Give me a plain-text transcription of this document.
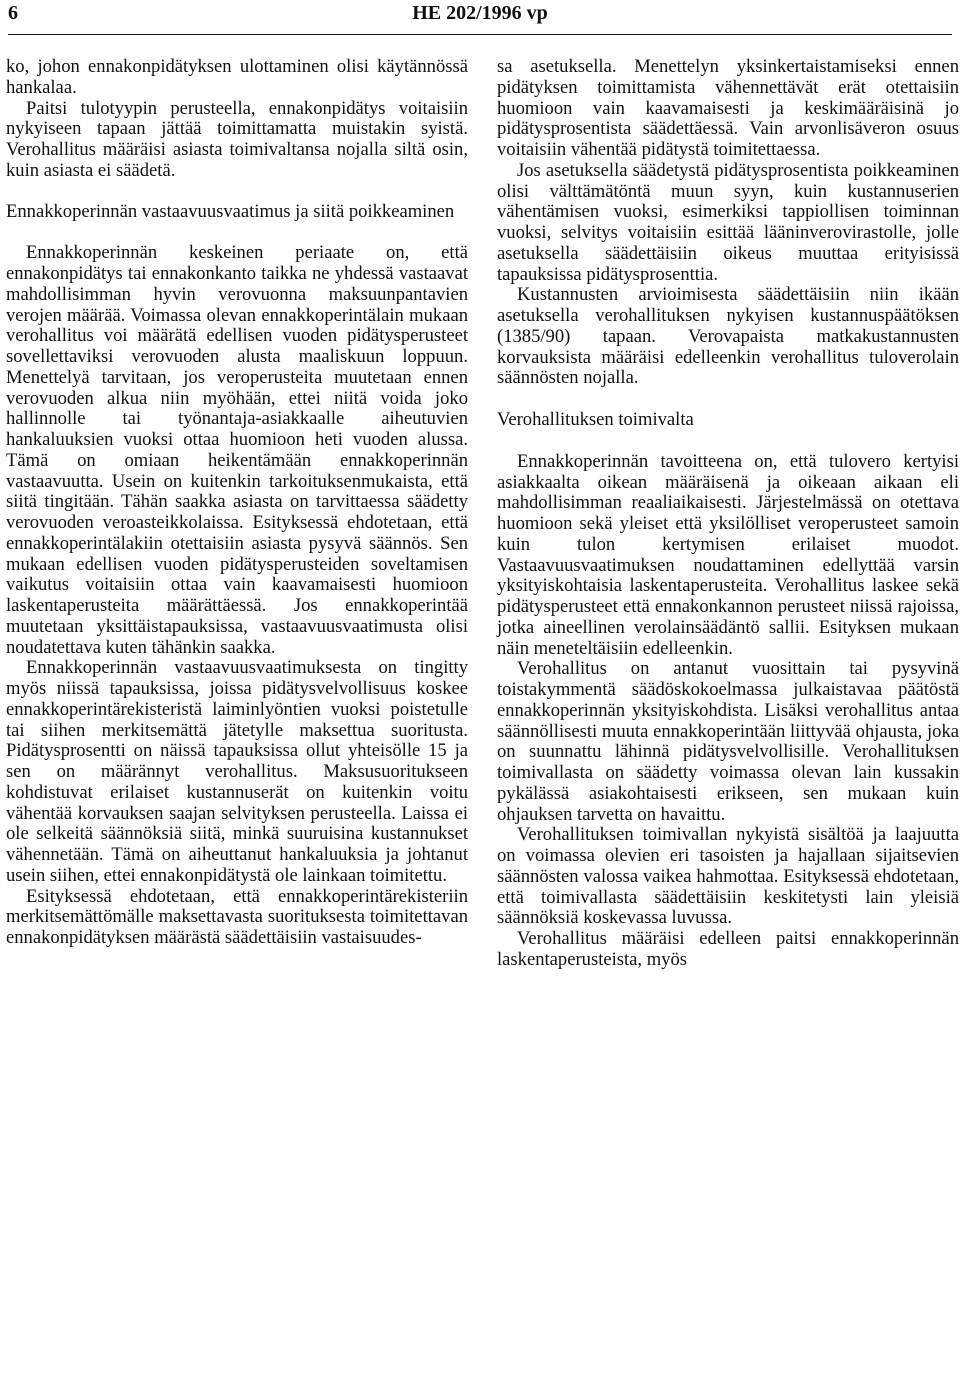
6	HE 202/1996 vp

ko, johon ennakonpidätyksen ulottaminen olisi käytännössä hankalaa.

Paitsi tulotyypin perusteella, ennakonpidätys voitaisiin nykyiseen tapaan jättää toimittamatta muistakin syistä. Verohallitus määräisi asiasta toimivaltansa nojalla siltä osin, kuin asiasta ei säädetä.

Ennakkoperinnän vastaavuusvaatimus ja siitä poikkeaminen

Ennakkoperinnän keskeinen periaate on, että ennakonpidätys tai ennakonkanto taikka ne yhdessä vastaavat mahdollisimman hyvin verovuonna maksuunpantavien verojen määrää. Voimassa olevan ennakkoperintälain mukaan verohallitus voi määrätä edellisen vuoden pidätysperusteet sovellettaviksi verovuoden alusta maaliskuun loppuun. Menettelyä tarvitaan, jos veroperusteita muutetaan ennen verovuoden alkua niin myöhään, ettei niitä voida joko hallinnolle tai työnantaja-asiakkaalle aiheutuvien hankaluuksien vuoksi ottaa huomioon heti vuoden alussa. Tämä on omiaan heikentämään ennakkoperinnän vastaavuutta. Usein on kuitenkin tarkoituksenmukaista, että siitä tingitään. Tähän saakka asiasta on tarvittaessa säädetty verovuoden veroasteikkolaissa. Esityksessä ehdotetaan, että ennakkoperintälakiin otettaisiin asiasta pysyvä säännös. Sen mukaan edellisen vuoden pidätysperusteiden soveltamisen vaikutus voitaisiin ottaa vain kaavamaisesti huomioon laskentaperusteita määrättäessä. Jos ennakkoperintää muutetaan yksittäistapauksissa, vastaavuusvaatimusta olisi noudatettava kuten tähänkin saakka.

Ennakkoperinnän vastaavuusvaatimuksesta on tingitty myös niissä tapauksissa, joissa pidätysvelvollisuus koskee ennakkoperintärekisteristä laiminlyöntien vuoksi poistetulle tai siihen merkitsemättä jätetylle maksettua suoritusta. Pidätysprosentti on näissä tapauksissa ollut yhteisölle 15 ja sen on määrännyt verohallitus. Maksusuoritukseen kohdistuvat erilaiset kustannuserät on kuitenkin voitu vähentää korvauksen saajan selvityksen perusteella. Laissa ei ole selkeitä säännöksiä siitä, minkä suuruisina kustannukset vähennetään. Tämä on aiheuttanut hankaluuksia ja johtanut usein siihen, ettei ennakonpidätystä ole lainkaan toimitettu.

Esityksessä ehdotetaan, että ennakkoperintärekisteriin merkitsemättömälle maksettavasta suorituksesta toimitettavan ennakonpidätyksen määrästä säädettäisiin vastaisuudes-

sa asetuksella. Menettelyn yksinkertaistamiseksi ennen pidätyksen toimittamista vähennettävät erät otettaisiin huomioon vain kaavamaisesti ja keskimääräisinä jo pidätysprosentista säädettäessä. Vain arvonlisäveron osuus voitaisiin vähentää pidätystä toimitettaessa.

Jos asetuksella säädetystä pidätysprosentista poikkeaminen olisi välttämätöntä muun syyn, kuin kustannuserien vähentämisen vuoksi, esimerkiksi tappiollisen toiminnan vuoksi, selvitys voitaisiin esittää lääninverovirastolle, jolle asetuksella säädettäisiin oikeus muuttaa erityisissä tapauksissa pidätysprosenttia.

Kustannusten arvioimisesta säädettäisiin niin ikään asetuksella verohallituksen nykyisen kustannuspäätöksen (1385/90) tapaan. Verovapaista matkakustannusten korvauksista määräisi edelleenkin verohallitus tuloverolain säännösten nojalla.

Verohallituksen toimivalta

Ennakkoperinnän tavoitteena on, että tulovero kertyisi asiakkaalta oikean määräisenä ja oikeaan aikaan eli mahdollisimman reaaliaikaisesti. Järjestelmässä on otettava huomioon sekä yleiset että yksilölliset veroperusteet samoin kuin tulon kertymisen erilaiset muodot. Vastaavuusvaatimuksen noudattaminen edellyttää varsin yksityiskohtaisia laskentaperusteita. Verohallitus laskee sekä pidätysperusteet että ennakonkannon perusteet niissä rajoissa, jotka aineellinen verolainsäädäntö sallii. Esityksen mukaan näin meneteltäisiin edelleenkin.

Verohallitus on antanut vuosittain tai pysyvinä toistakymmentä säädöskokoelmassa julkaistavaa päätöstä ennakkoperinnän yksityiskohdista. Lisäksi verohallitus antaa säännöllisesti muuta ennakkoperintään liittyvää ohjausta, joka on suunnattu lähinnä pidätysvelvollisille. Verohallituksen toimivallasta on säädetty voimassa olevan lain kussakin pykälässä asiakohtaisesti erikseen, sen mukaan kuin ohjauksen tarvetta on havaittu.

Verohallituksen toimivallan nykyistä sisältöä ja laajuutta on voimassa olevien eri tasoisten ja hajallaan sijaitsevien säännösten valossa vaikea hahmottaa. Esityksessä ehdotetaan, että toimivallasta säädettäisiin keskitetysti lain yleisiä säännöksiä koskevassa luvussa.

Verohallitus määräisi edelleen paitsi ennakkoperinnän laskentaperusteista, myös
